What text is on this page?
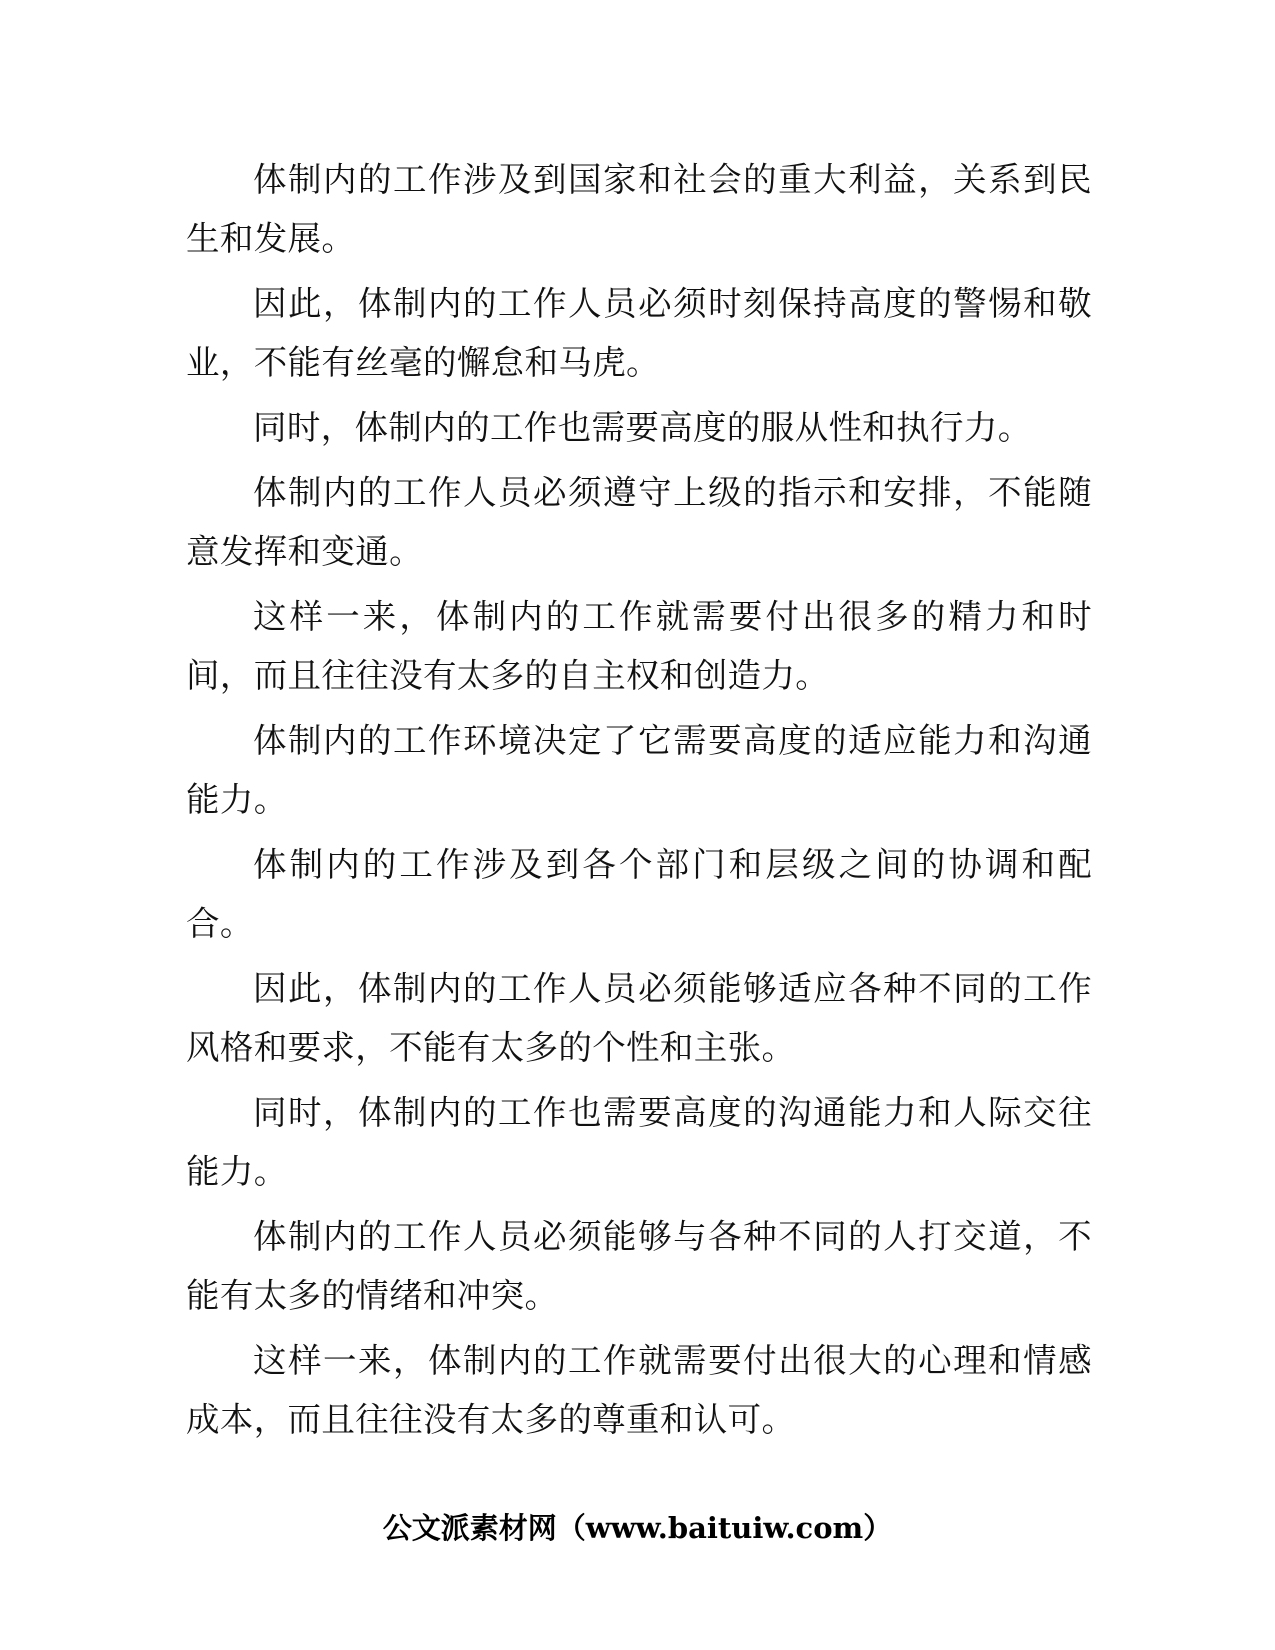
体制内的工作涉及到国家和社会的重大利益，关系到民生和发展。

因此，体制内的工作人员必须时刻保持高度的警惕和敬业，不能有丝毫的懈怠和马虎。

同时，体制内的工作也需要高度的服从性和执行力。

体制内的工作人员必须遵守上级的指示和安排，不能随意发挥和变通。

这样一来，体制内的工作就需要付出很多的精力和时间，而且往往没有太多的自主权和创造力。

体制内的工作环境决定了它需要高度的适应能力和沟通能力。

体制内的工作涉及到各个部门和层级之间的协调和配合。

因此，体制内的工作人员必须能够适应各种不同的工作风格和要求，不能有太多的个性和主张。

同时，体制内的工作也需要高度的沟通能力和人际交往能力。

体制内的工作人员必须能够与各种不同的人打交道，不能有太多的情绪和冲突。

这样一来，体制内的工作就需要付出很大的心理和情感成本，而且往往没有太多的尊重和认可。

公文派素材网（www.baituiw.com）
